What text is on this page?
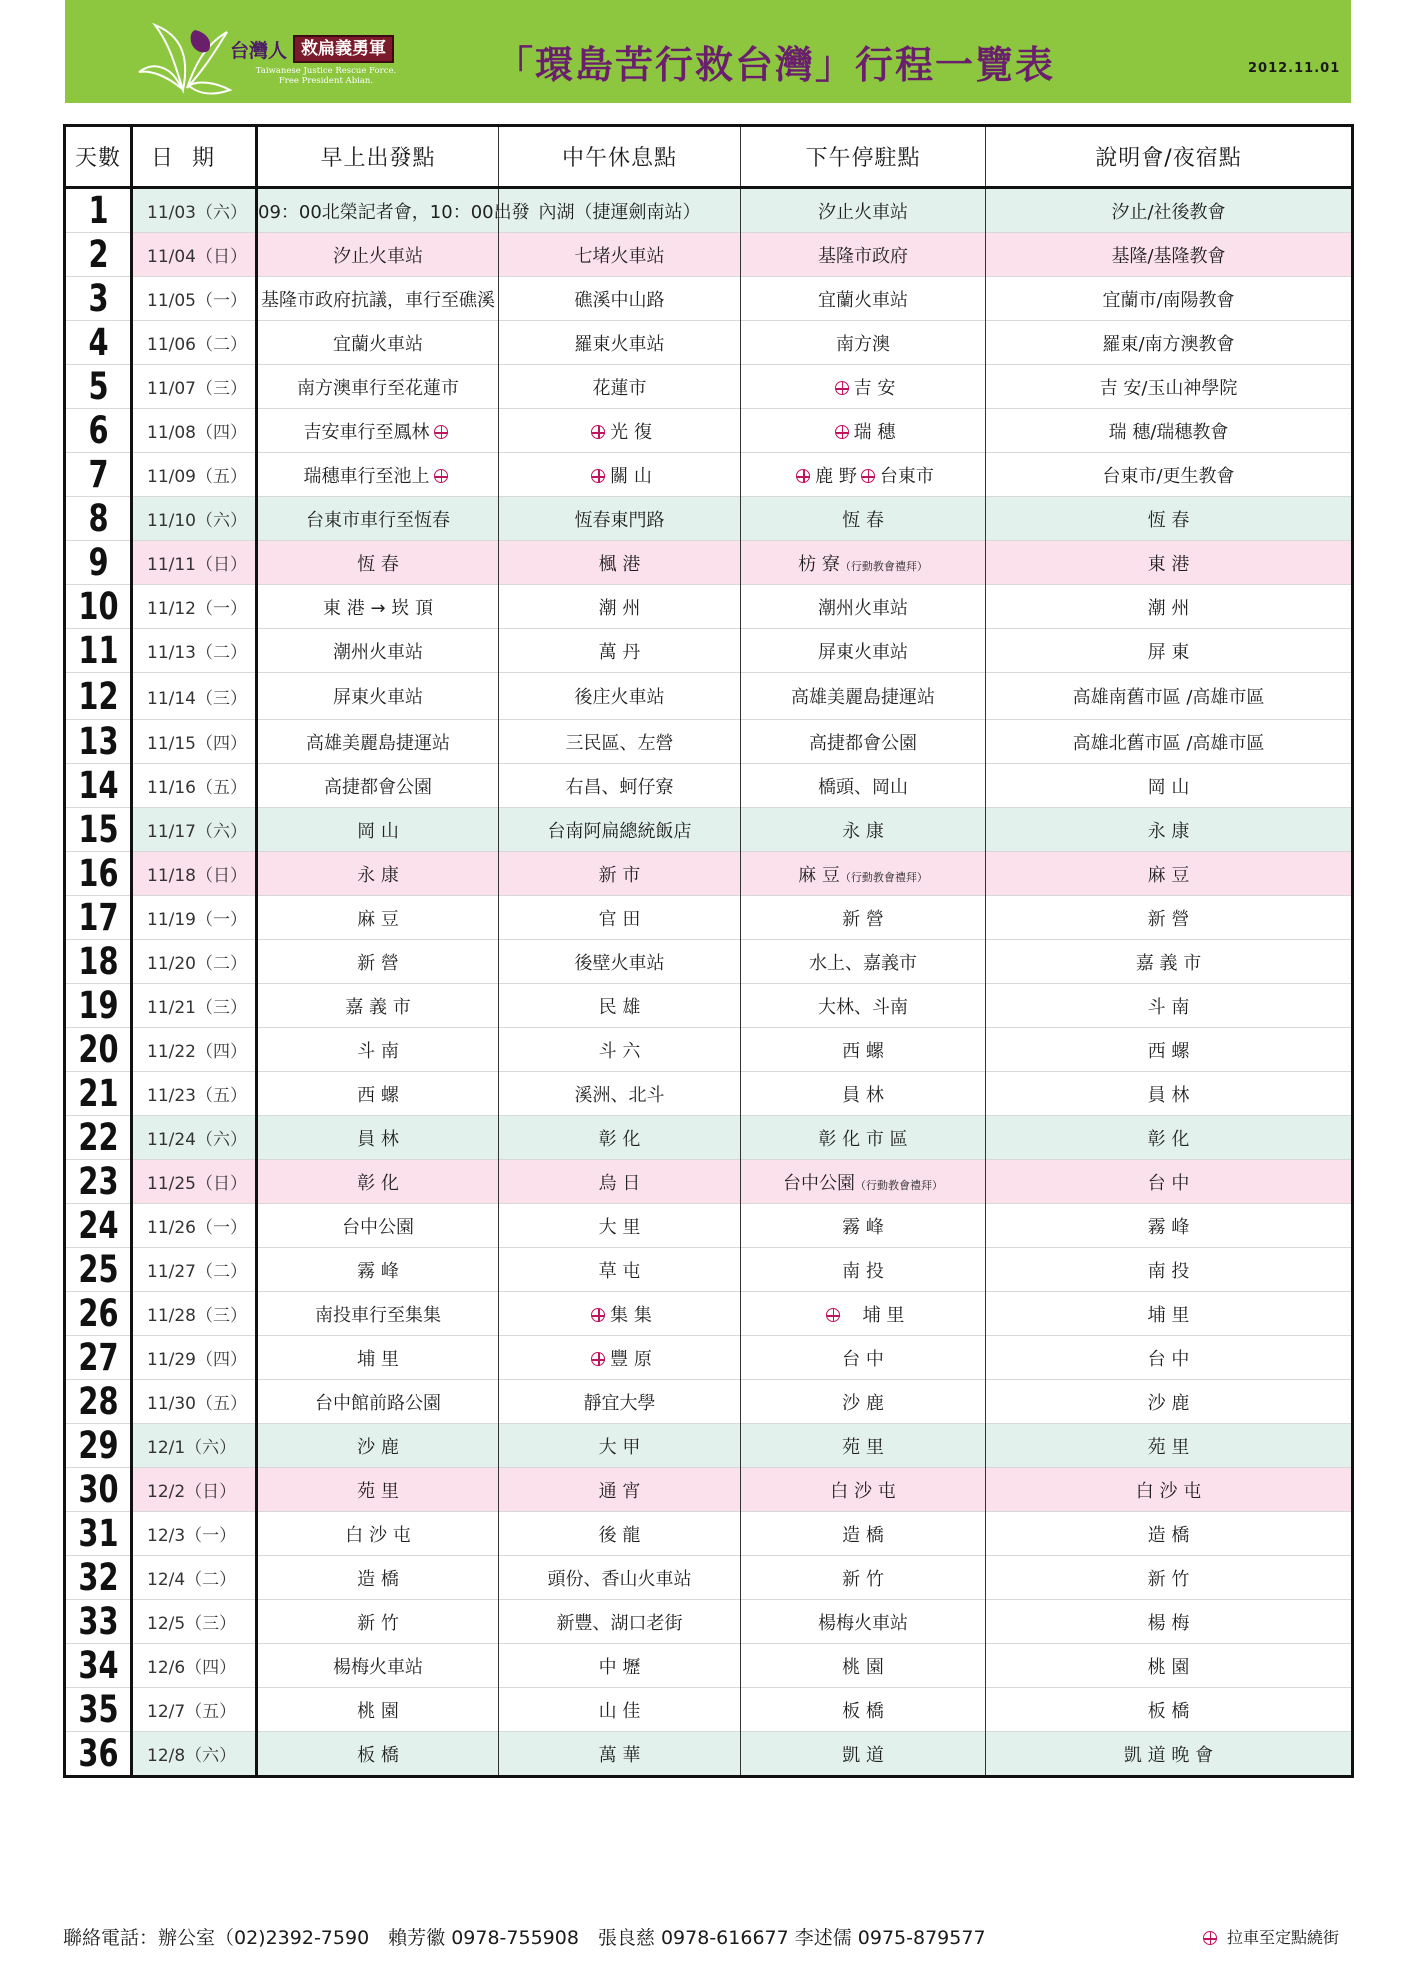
台灣人 救扁義勇軍
Taiwanese Justice Rescue Force.
Free President Abian.	「環島苦行救台灣」行程一覽表	2012.11.01
天數	日 期	早上出發點	中午休息點	下午停駐點	說明會/夜宿點
1	11/03（六）	09：00北榮記者會，10：00出發	內湖（捷運劍南站）	汐止火車站	汐止/社後教會
2	11/04（日）	汐止火車站	七堵火車站	基隆市政府	基隆/基隆教會
3	11/05（一）	基隆市政府抗議，車行至礁溪	礁溪中山路	宜蘭火車站	宜蘭市/南陽教會
4	11/06（二）	宜蘭火車站	羅東火車站	南方澳	羅東/南方澳教會
5	11/07（三）	南方澳車行至花蓮市	花蓮市	吉 安	吉 安/玉山神學院
6	11/08（四）	吉安車行至鳳林	光 復	瑞 穗	瑞 穗/瑞穗教會
7	11/09（五）	瑞穗車行至池上	關 山	鹿 野 台東市	台東市/更生教會
8	11/10（六）	台東市車行至恆春	恆春東門路	恆 春	恆 春
9	11/11（日）	恆 春	楓 港	枋 寮（行動教會禮拜）	東 港
10	11/12（一）	東 港 → 崁 頂	潮 州	潮州火車站	潮 州
11	11/13（二）	潮州火車站	萬 丹	屏東火車站	屏 東
12	11/14（三）	屏東火車站	後庄火車站	高雄美麗島捷運站	高雄南舊市區 /高雄市區
13	11/15（四）	高雄美麗島捷運站	三民區、左營	高捷都會公園	高雄北舊市區 /高雄市區
14	11/16（五）	高捷都會公園	右昌、蚵仔寮	橋頭、岡山	岡 山
15	11/17（六）	岡 山	台南阿扁總統飯店	永 康	永 康
16	11/18（日）	永 康	新 市	麻 豆（行動教會禮拜）	麻 豆
17	11/19（一）	麻 豆	官 田	新 營	新 營
18	11/20（二）	新 營	後壁火車站	水上、嘉義市	嘉 義 市
19	11/21（三）	嘉 義 市	民 雄	大林、斗南	斗 南
20	11/22（四）	斗 南	斗 六	西 螺	西 螺
21	11/23（五）	西 螺	溪洲、北斗	員 林	員 林
22	11/24（六）	員 林	彰 化	彰 化 市 區	彰 化
23	11/25（日）	彰 化	烏 日	台中公園（行動教會禮拜）	台 中
24	11/26（一）	台中公園	大 里	霧 峰	霧 峰
25	11/27（二）	霧 峰	草 屯	南 投	南 投
26	11/28（三）	南投車行至集集	集 集	　埔 里	埔 里
27	11/29（四）	埔 里	豐 原	台 中	台 中
28	11/30（五）	台中館前路公園	靜宜大學	沙 鹿	沙 鹿
29	12/1（六）	沙 鹿	大 甲	苑 里	苑 里
30	12/2（日）	苑 里	通 宵	白 沙 屯	白 沙 屯
31	12/3（一）	白 沙 屯	後 龍	造 橋	造 橋
32	12/4（二）	造 橋	頭份、香山火車站	新 竹	新 竹
33	12/5（三）	新 竹	新豐、湖口老街	楊梅火車站	楊 梅
34	12/6（四）	楊梅火車站	中 壢	桃 園	桃 園
35	12/7（五）	桃 園	山 佳	板 橋	板 橋
36	12/8（六）	板 橋	萬 華	凱 道	凱 道 晚 會
聯絡電話：辦公室（02)2392-7590　賴芳徽 0978-755908　張良慈 0978-616677 李述儒 0975-879577	拉車至定點繞街
